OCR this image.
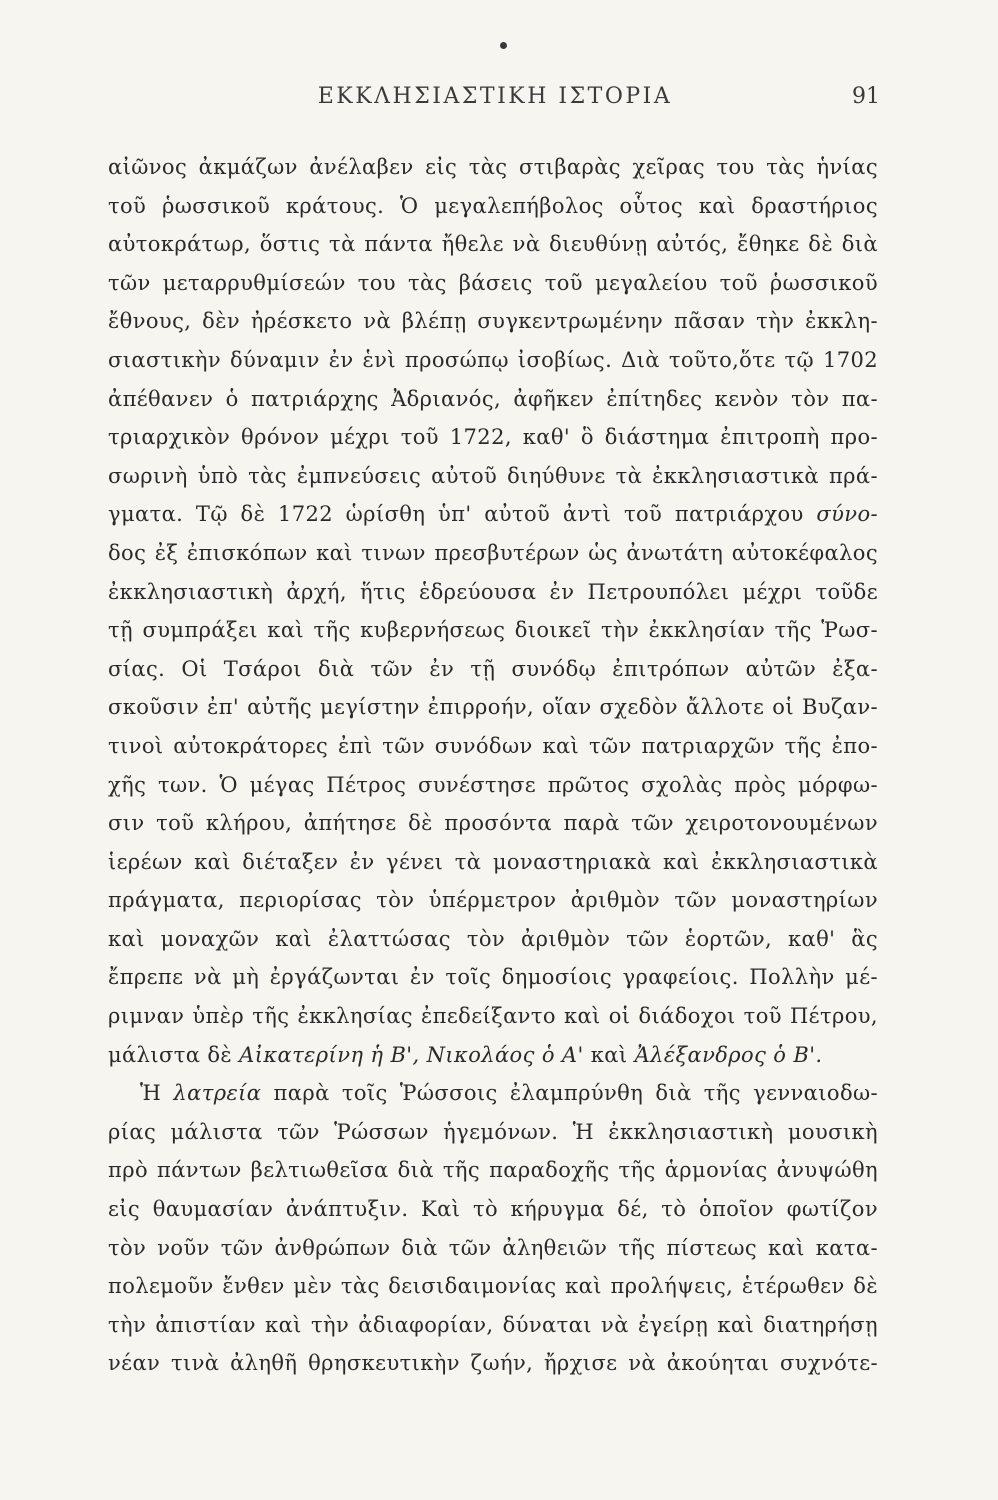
ΕΚΚΛΗΣΙΑΣΤΙΚΗ ΙΣΤΟΡΙΑ	91
αἰῶνος ἀκμάζων ἀνέλαβεν εἰς τὰς στιβαρὰς χεῖρας του τὰς ἡνίας
τοῦ ῥωσσικοῦ κράτους. Ὁ μεγαλεπήβολος οὗτος καὶ δραστήριος
αὐτοκράτωρ, ὅστις τὰ πάντα ἤθελε νὰ διευθύνῃ αὐτός, ἔθηκε δὲ διὰ
τῶν μεταρρυθμίσεών του τὰς βάσεις τοῦ μεγαλείου τοῦ ῥωσσικοῦ
ἔθνους, δὲν ἠρέσκετο νὰ βλέπῃ συγκεντρωμένην πᾶσαν τὴν ἐκκλη-
σιαστικὴν δύναμιν ἐν ἑνὶ προσώπῳ ἰσοβίως. Διὰ τοῦτο,ὅτε τῷ 1702
ἀπέθανεν ὁ πατριάρχης Ἀδριανός, ἀφῆκεν ἐπίτηδες κενὸν τὸν πα-
τριαρχικὸν θρόνον μέχρι τοῦ 1722, καθ' ὃ διάστημα ἐπιτροπὴ προ-
σωρινὴ ὑπὸ τὰς ἐμπνεύσεις αὐτοῦ διηύθυνε τὰ ἐκκλησιαστικὰ πρά-
γματα. Τῷ δὲ 1722 ὡρίσθη ὑπ' αὐτοῦ ἀντὶ τοῦ πατριάρχου σύνο-
δος ἐξ ἐπισκόπων καὶ τινων πρεσβυτέρων ὡς ἀνωτάτη αὐτοκέφαλος
ἐκκλησιαστικὴ ἀρχή, ἥτις ἑδρεύουσα ἐν Πετρουπόλει μέχρι τοῦδε
τῇ συμπράξει καὶ τῆς κυβερνήσεως διοικεῖ τὴν ἐκκλησίαν τῆς Ῥωσ-
σίας. Οἱ Τσάροι διὰ τῶν ἐν τῇ συνόδῳ ἐπιτρόπων αὐτῶν ἐξα-
σκοῦσιν ἐπ' αὐτῆς μεγίστην ἐπιρροήν, οἵαν σχεδὸν ἄλλοτε οἱ Βυζαν-
τινοὶ αὐτοκράτορες ἐπὶ τῶν συνόδων καὶ τῶν πατριαρχῶν τῆς ἐπο-
χῆς των. Ὁ μέγας Πέτρος συνέστησε πρῶτος σχολὰς πρὸς μόρφω-
σιν τοῦ κλήρου, ἀπήτησε δὲ προσόντα παρὰ τῶν χειροτονουμένων
ἱερέων καὶ διέταξεν ἐν γένει τὰ μοναστηριακὰ καὶ ἐκκλησιαστικὰ
πράγματα, περιορίσας τὸν ὑπέρμετρον ἀριθμὸν τῶν μοναστηρίων
καὶ μοναχῶν καὶ ἐλαττώσας τὸν ἀριθμὸν τῶν ἑορτῶν, καθ' ἃς
ἔπρεπε νὰ μὴ ἐργάζωνται ἐν τοῖς δημοσίοις γραφείοις. Πολλὴν μέ-
ριμναν ὑπὲρ τῆς ἐκκλησίας ἐπεδείξαντο καὶ οἱ διάδοχοι τοῦ Πέτρου,
μάλιστα δὲ Αἰκατερίνη ἡ Β', Νικολάος ὁ Α' καὶ Ἀλέξανδρος ὁ Β'.
Ἡ λατρεία παρὰ τοῖς Ῥώσσοις ἐλαμπρύνθη διὰ τῆς γενναιοδω-
ρίας μάλιστα τῶν Ῥώσσων ἡγεμόνων. Ἡ ἐκκλησιαστικὴ μουσικὴ
πρὸ πάντων βελτιωθεῖσα διὰ τῆς παραδοχῆς τῆς ἁρμονίας ἀνυψώθη
εἰς θαυμασίαν ἀνάπτυξιν. Καὶ τὸ κήρυγμα δέ, τὸ ὁποῖον φωτίζον
τὸν νοῦν τῶν ἀνθρώπων διὰ τῶν ἀληθειῶν τῆς πίστεως καὶ κατα-
πολεμοῦν ἔνθεν μὲν τὰς δεισιδαιμονίας καὶ προλήψεις, ἑτέρωθεν δὲ
τὴν ἀπιστίαν καὶ τὴν ἀδιαφορίαν, δύναται νὰ ἐγείρῃ καὶ διατηρήσῃ
νέαν τινὰ ἀληθῆ θρησκευτικὴν ζωήν, ἤρχισε νὰ ἀκούηται συχνότε-
